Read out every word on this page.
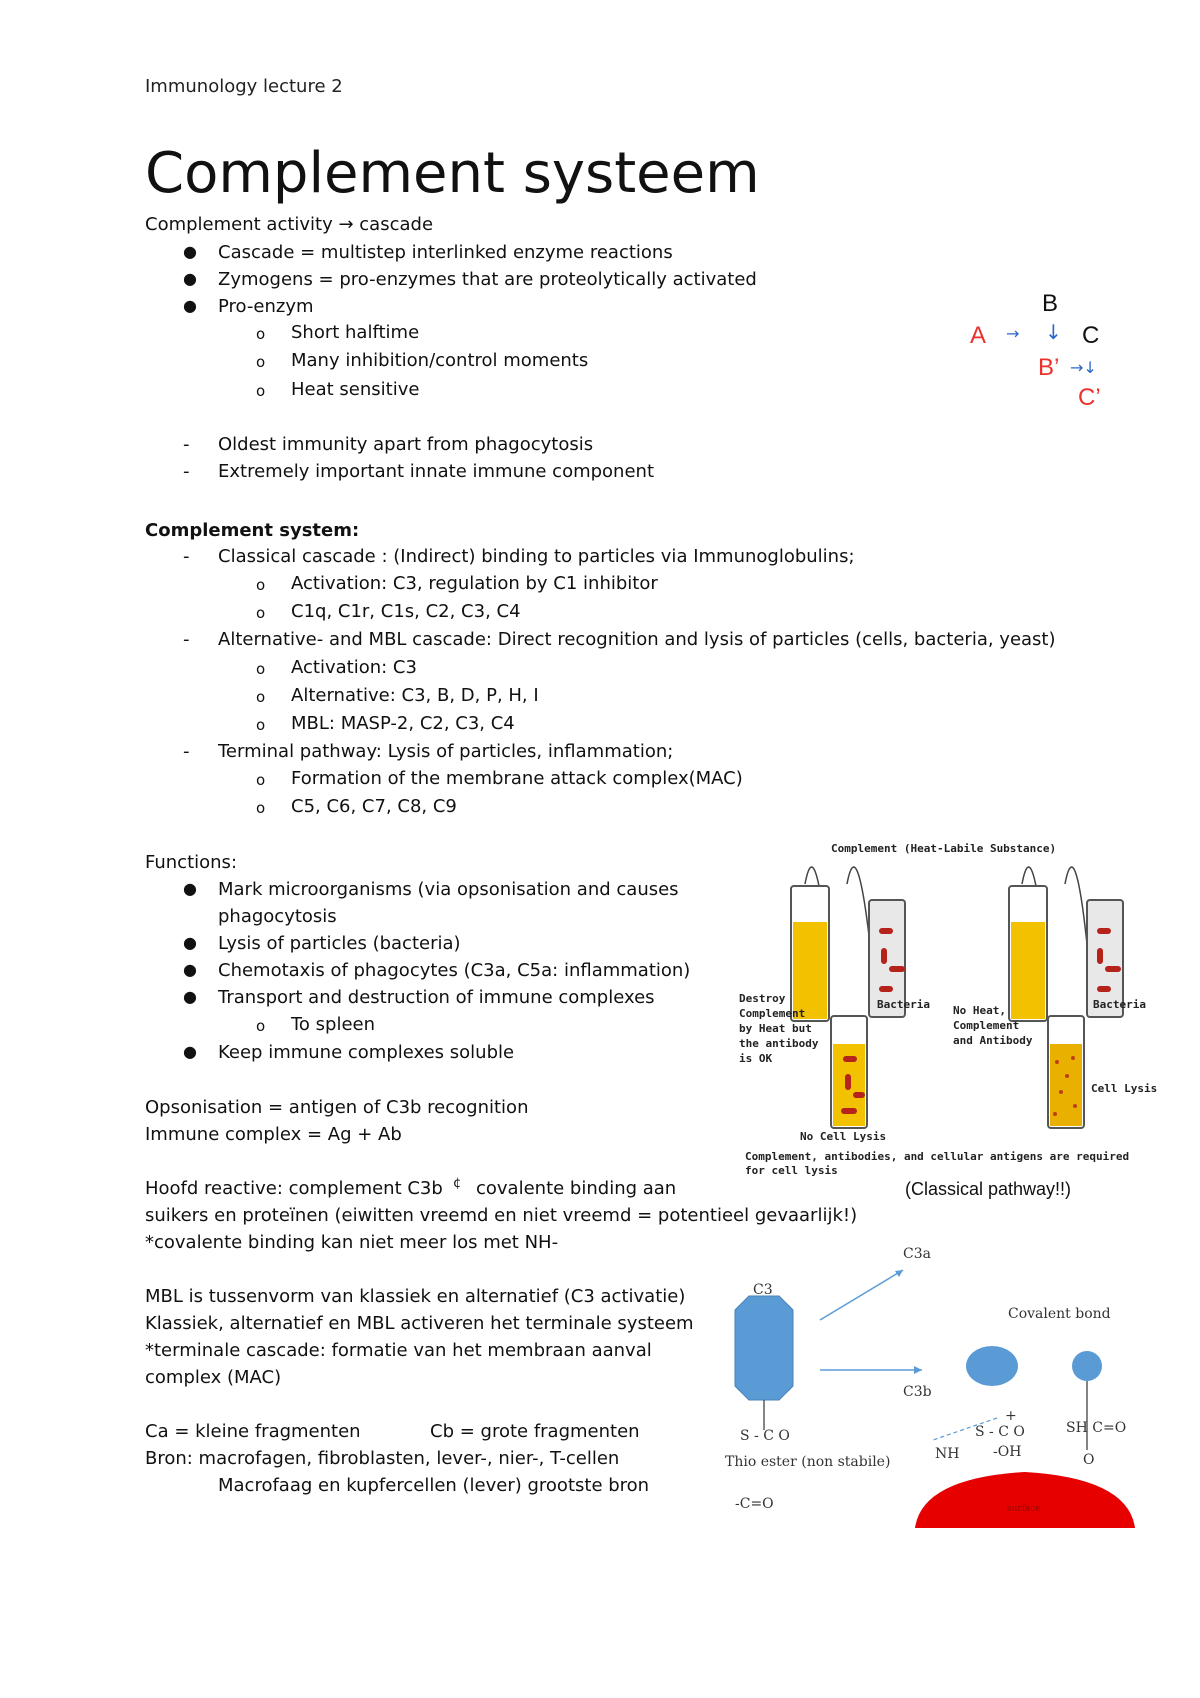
Immunology lecture 2
Complement systeem
Complement activity → cascade
● Cascade = multistep interlinked enzyme reactions
● Zymogens = pro-enzymes that are proteolytically activated
● Pro-enzym
o Short halftime
o Many inhibition/control moments
o Heat sensitive
- Oldest immunity apart from phagocytosis
- Extremely important innate immune component
B
A → ↓ C
B’ →↓
C’
Complement system:
- Classical cascade : (Indirect) binding to particles via Immunoglobulins;
o Activation: C3, regulation by C1 inhibitor
o C1q, C1r, C1s, C2, C3, C4
- Alternative- and MBL cascade: Direct recognition and lysis of particles (cells, bacteria, yeast)
o Activation: C3
o Alternative: C3, B, D, P, H, I
o MBL: MASP-2, C2, C3, C4
- Terminal pathway: Lysis of particles, inflammation;
o Formation of the membrane attack complex(MAC)
o C5, C6, C7, C8, C9
Functions:
● Mark microorganisms (via opsonisation and causes
phagocytosis
● Lysis of particles (bacteria)
● Chemotaxis of phagocytes (C3a, C5a: inflammation)
● Transport and destruction of immune complexes
o To spleen
● Keep immune complexes soluble
Opsonisation = antigen of C3b recognition
Immune complex = Ag + Ab
Hoofd reactive: complement C3b ¢ covalente binding aan
suikers en proteïnen (eiwitten vreemd en niet vreemd = potentieel gevaarlijk!)
*covalente binding kan niet meer los met NH-
MBL is tussenvorm van klassiek en alternatief (C3 activatie)
Klassiek, alternatief en MBL activeren het terminale systeem
*terminale cascade: formatie van het membraan aanval
complex (MAC)
Ca = kleine fragmenten	Cb = grote fragmenten
Bron: macrofagen, fibroblasten, lever-, nier-, T-cellen
Macrofaag en kupfercellen (lever) grootste bron
Complement (Heat-Labile Substance)
Destroy
Complement
by Heat but
the antibody
is OK
Bacteria
No Cell Lysis
No Heat,
Complement
and Antibody
Bacteria
Cell Lysis
Complement, antibodies, and cellular antigens are required
for cell lysis
(Classical pathway!!)
C3
C3a
Covalent bond
C3b
S - C O
Thio ester (non stabile)
-C=O
S - C O
+
NH -OH
SH C=O
O
surface
